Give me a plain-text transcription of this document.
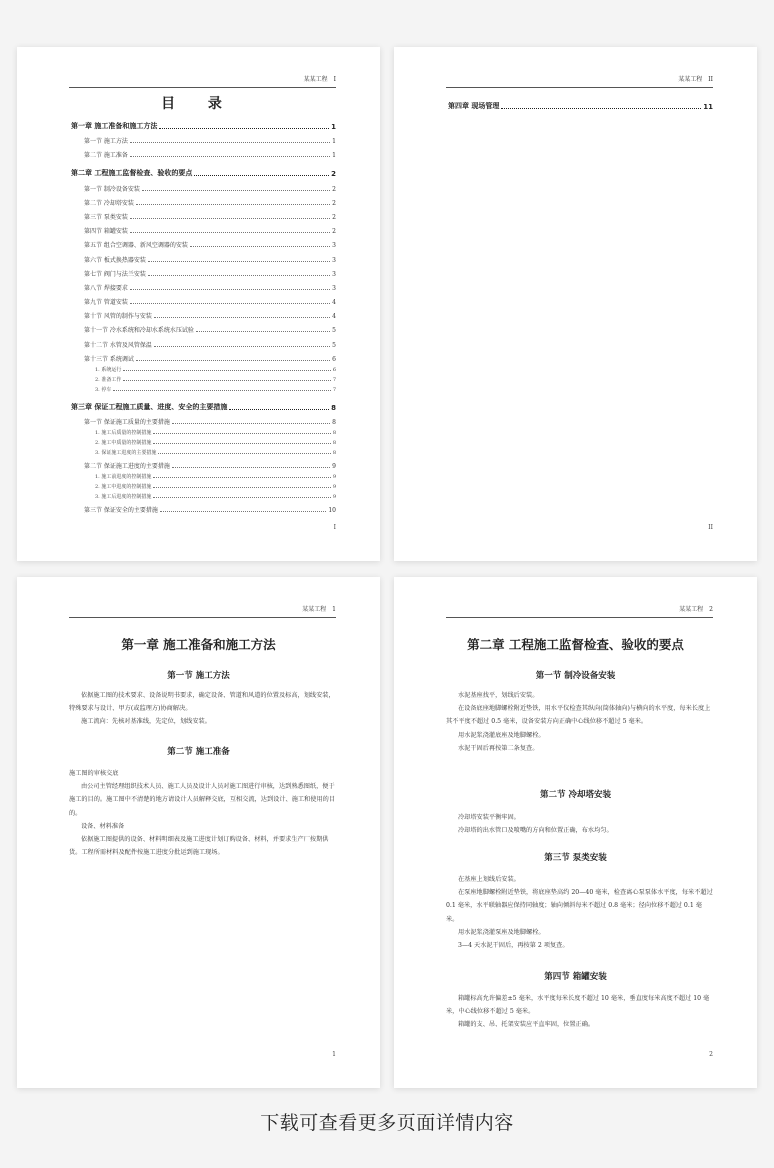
某某工程 I
目 录
第一章 施工准备和施工方法	1
第一节 施工方法	1
第二节 施工准备	1
第二章 工程施工监督检查、验收的要点	2
第一节 制冷设备安装	2
第二节 冷却塔安装	2
第三节 泵类安装	2
第四节 箱罐安装	2
第五节 组合空调器、新风空调器的安装	3
第六节 板式换热器安装	3
第七节 阀门与法兰安装	3
第八节 焊接要求	3
第九节 管道安装	4
第十节 风管的制作与安装	4
第十一节 冷水系统和冷却水系统水压试验	5
第十二节 水管及风管保温	5
第十三节 系统调试	6
1. 系统运行	6
2. 准备工作	7
3. 停车	7
第三章 保证工程施工质量、进度、安全的主要措施	8
第一节 保证施工质量的主要措施	8
1. 施工后质量的控制措施	8
2. 施工中质量的控制措施	8
3. 保证施工进度的主要措施	8
第二节 保证施工进度的主要措施	9
1. 施工前进度的控制措施	9
2. 施工中进度的控制措施	9
3. 施工后进度的控制措施	9
第三节 保证安全的主要措施	10
I
某某工程 II
第四章 现场管理	11
II
某某工程 1
第一章 施工准备和施工方法
第一节 施工方法

依据施工图的技术要求、设备说明书要求，确定设备、管道和风道的位置及标高，划线安装，特殊要求与设计、甲方(或监理方)协商解决。

施工流向：先核对基准线，先定位，划线安装。

第二节 施工准备

施工图的审核交底

由公司主管经理组织技术人员、施工人员及设计人员对施工图进行审核，达到熟悉图纸，便于施工的目的。施工图中不清楚的地方请设计人员解释交底，互相交流，达到设计、施工和使用的目的。

设备、材料准备

依据施工图提供的设备、材料明细表及施工进度计划订购设备、材料，并要求生产厂按期供货。工程所需材料及配件按施工进度分批运到施工现场。

1
某某工程 2
第二章 工程施工监督检查、验收的要点
第一节 制冷设备安装

水泥基座找平，划线后安装。

在设备底座地脚螺栓附近垫铁，用水平仪检查其纵向(筒体轴向)与横向的水平度，每米长度上其不平度不超过 0.5 毫米，设备安装方向正确中心线位移不超过 5 毫米。

用水泥浆浇灌底座及地脚螺栓。

水泥干固后再按第二条复查。

第二节 冷却塔安装

冷却塔安装平衡牢固。

冷却塔的出水管口及喷嘴的方向和位置正确，布水均匀。

第三节 泵类安装

在基座上划线后安装。

在泵座地脚螺栓附近垫铁，将底座垫高约 20—40 毫米，检查离心泵泵体水平度，每米不超过 0.1 毫米，水平联轴器应保持同轴度；轴向倾斜每米不超过 0.8 毫米；径向位移不超过 0.1 毫米。

用水泥浆浇灌泵座及地脚螺栓。

3—4 天水泥干固后，再按第 2 项复查。

第四节 箱罐安装

箱罐标高允许偏差±5 毫米，水平度每米长度不超过 10 毫米，垂直度每米高度不超过 10 毫米，中心线位移不超过 5 毫米。

箱罐的支、吊、托架安装应平直牢固，位置正确。

2
下载可查看更多页面详情内容
